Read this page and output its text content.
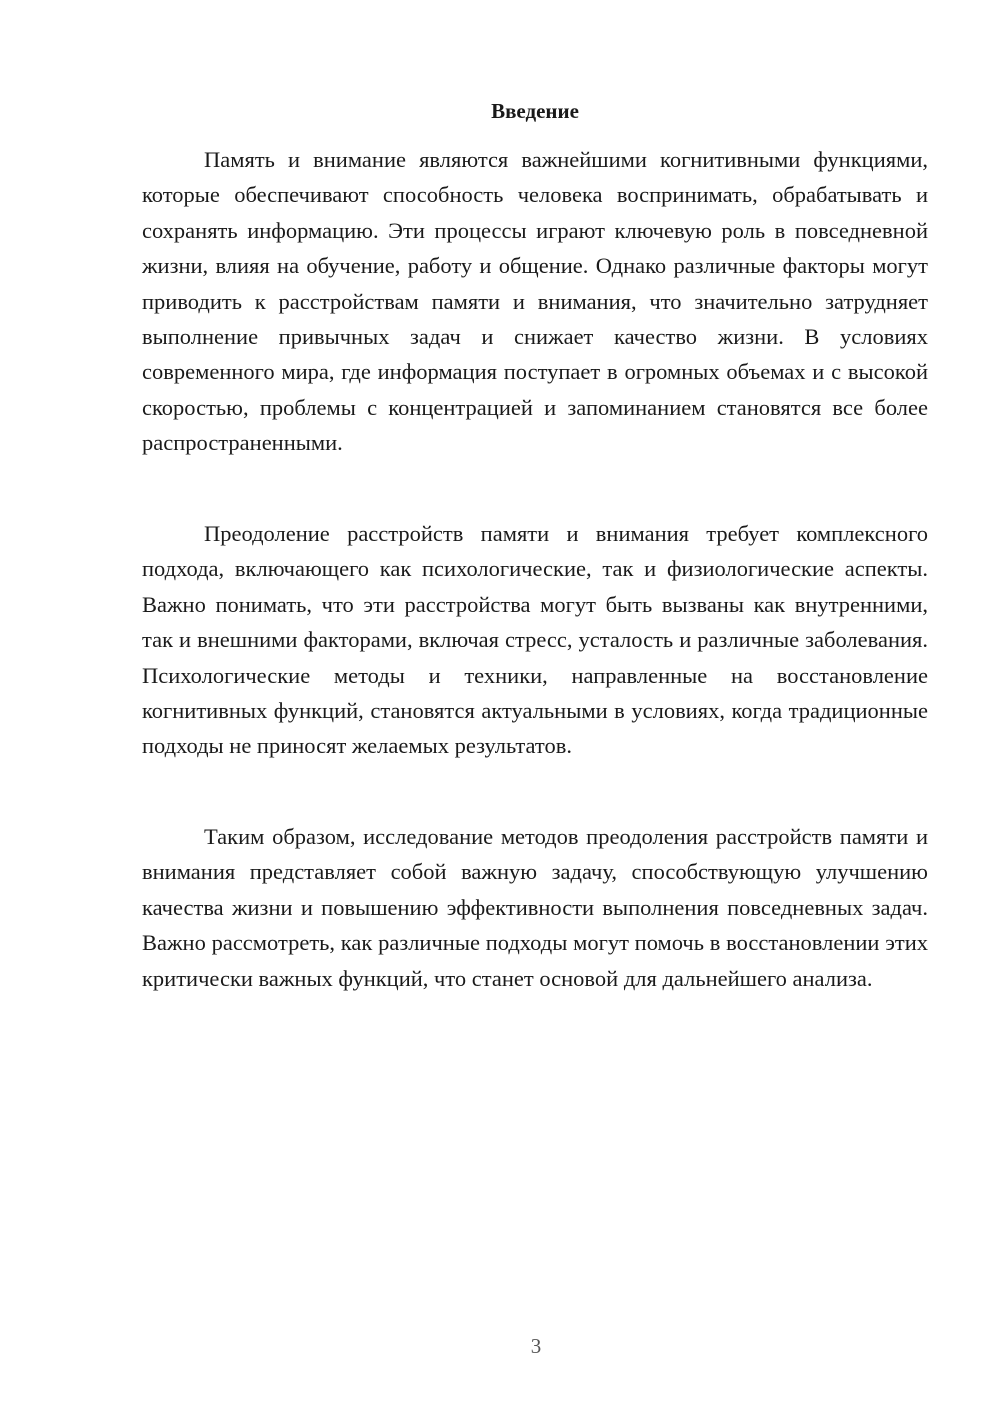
Введение

Память и внимание являются важнейшими когнитивными функциями, которые обеспечивают способность человека воспринимать, обрабатывать и сохранять информацию. Эти процессы играют ключевую роль в повседневной жизни, влияя на обучение, работу и общение. Однако различные факторы могут приводить к расстройствам памяти и внимания, что значительно затрудняет выполнение привычных задач и снижает качество жизни. В условиях современного мира, где информация поступает в огромных объемах и с высокой скоростью, проблемы с концентрацией и запоминанием становятся все более распространенными.

Преодоление расстройств памяти и внимания требует комплексного подхода, включающего как психологические, так и физиологические аспекты. Важно понимать, что эти расстройства могут быть вызваны как внутренними, так и внешними факторами, включая стресс, усталость и различные заболевания. Психологические методы и техники, направленные на восстановление когнитивных функций, становятся актуальными в условиях, когда традиционные подходы не приносят желаемых результатов.

Таким образом, исследование методов преодоления расстройств памяти и внимания представляет собой важную задачу, способствующую улучшению качества жизни и повышению эффективности выполнения повседневных задач. Важно рассмотреть, как различные подходы могут помочь в восстановлении этих критически важных функций, что станет основой для дальнейшего анализа.

3
